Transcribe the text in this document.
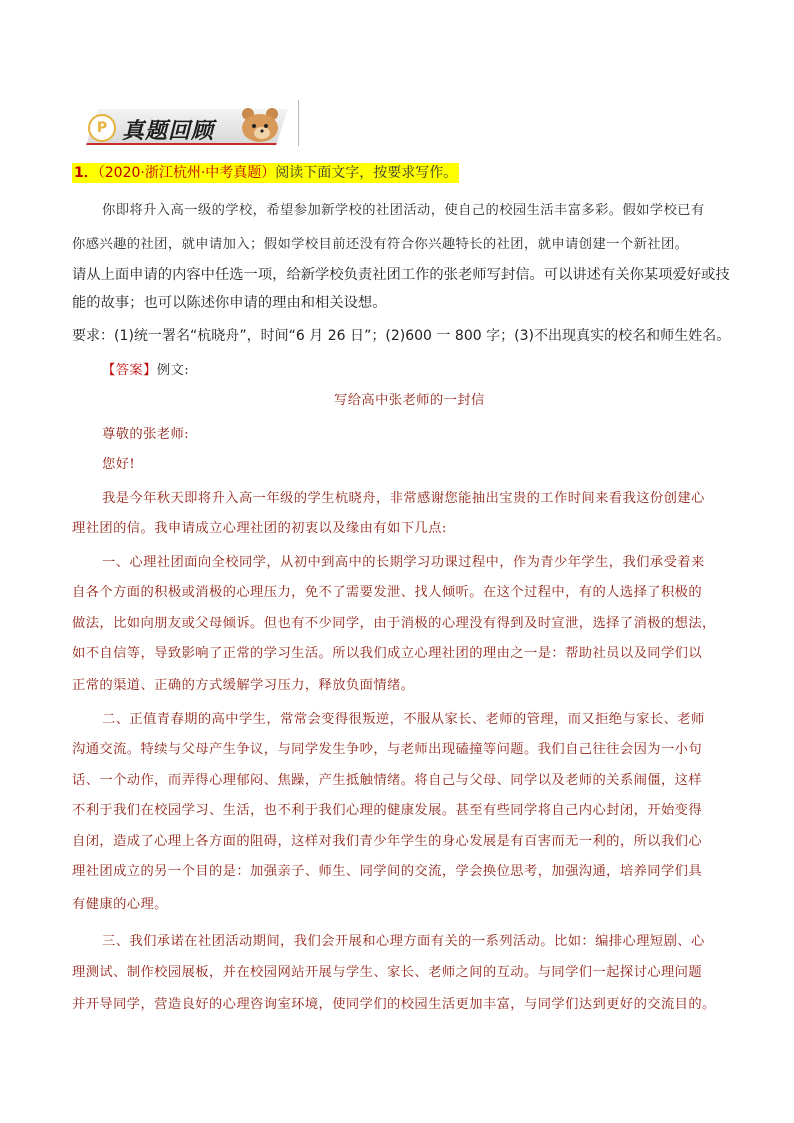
P 真题回顾
1．（2020·浙江杭州·中考真题）阅读下面文字，按要求写作。
你即将升入高一级的学校，希望参加新学校的社团活动，使自己的校园生活丰富多彩。假如学校已有
你感兴趣的社团，就申请加入；假如学校目前还没有符合你兴趣特长的社团，就申请创建一个新社团。
请从上面申请的内容中任选一项，给新学校负责社团工作的张老师写封信。可以讲述有关你某项爱好或技
能的故事；也可以陈述你申请的理由和相关设想。
要求：(1)统一署名“杭晓舟”，时间“6 月 26 日”；(2)600 一 800 字；(3)不出现真实的校名和师生姓名。
【答案】例文:
写给高中张老师的一封信
尊敬的张老师:
您好!
我是今年秋天即将升入高一年级的学生杭晓舟，非常感谢您能抽出宝贵的工作时间来看我这份创建心
理社团的信。我申请成立心理社团的初衷以及缘由有如下几点:
一、心理社团面向全校同学，从初中到高中的长期学习功课过程中，作为青少年学生，我们承受着来
自各个方面的积极或消极的心理压力，免不了需要发泄、找人倾听。在这个过程中，有的人选择了积极的
做法，比如向朋友或父母倾诉。但也有不少同学，由于消极的心理没有得到及时宣泄，选择了消极的想法，
如不自信等，导致影响了正常的学习生活。所以我们成立心理社团的理由之一是：帮助社员以及同学们以
正常的渠道、正确的方式缓解学习压力，释放负面情绪。
二、正值青春期的高中学生，常常会变得很叛逆，不服从家长、老师的管理，而又拒绝与家长、老师
沟通交流。特续与父母产生争议，与同学发生争吵，与老师出现磕撞等问题。我们自己往往会因为一小句
话、一个动作，而弄得心理郁闷、焦躁，产生抵触情绪。将自己与父母、同学以及老师的关系闹僵，这样
不利于我们在校园学习、生活，也不利于我们心理的健康发展。甚至有些同学将自己内心封闭，开始变得
自闭，造成了心理上各方面的阻碍，这样对我们青少年学生的身心发展是有百害而无一利的，所以我们心
理社团成立的另一个目的是：加强亲子、师生、同学间的交流，学会换位思考，加强沟通，培养同学们具
有健康的心理。
三、我们承诺在社团活动期间，我们会开展和心理方面有关的一系列活动。比如：编排心理短剧、心
理测试、制作校园展板，并在校园网站开展与学生、家长、老师之间的互动。与同学们一起探讨心理问题
并开导同学，营造良好的心理咨询室环境，使同学们的校园生活更加丰富，与同学们达到更好的交流目的。
